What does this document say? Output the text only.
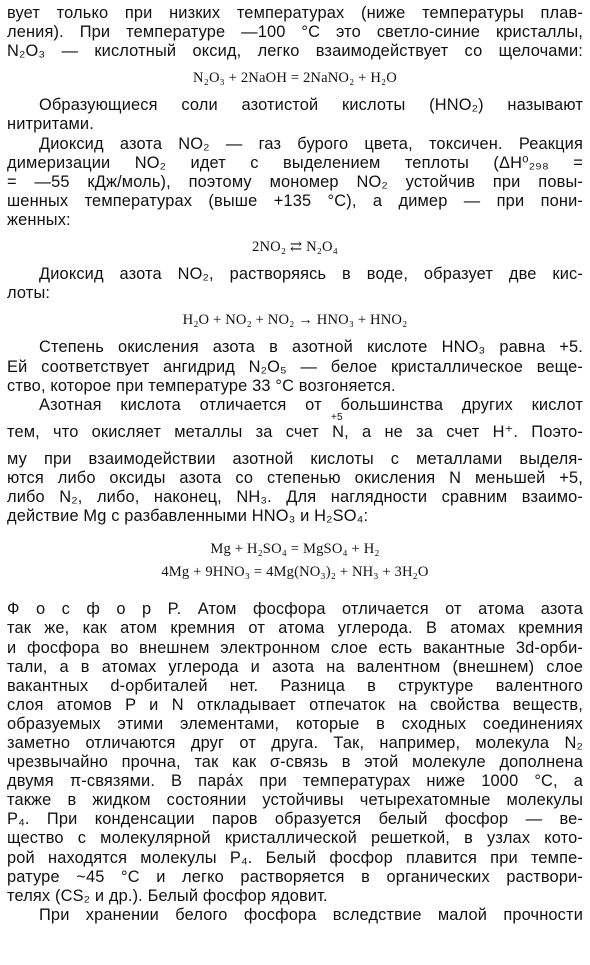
вует только при низких температурах (ниже температуры плав-
ления). При температуре —100 °С это светло-синие кристаллы,
N₂O₃ — кислотный оксид, легко взаимодействует со щелочами:
N₂O₃ + 2NaOH = 2NaNO₂ + H₂O
Образующиеся соли азотистой кислоты (HNO₂) называют
нитритами.
Диоксид азота NO₂ — газ бурого цвета, токсичен. Реакция
димеризации NO₂ идет с выделением теплоты (ΔH⁰₂₉₈ =
= —55 кДж/моль), поэтому мономер NO₂ устойчив при повы-
шенных температурах (выше +135 °С), а димер — при пони-
женных:
2NO₂ ⇄ N₂O₄
Диоксид азота NO₂, растворяясь в воде, образует две кис-
лоты:
H₂O + NO₂ + NO₂ → HNO₃ + HNO₂
Степень окисления азота в азотной кислоте HNO₃ равна +5.
Ей соответствует ангидрид N₂O₅ — белое кристаллическое веще-
ство, которое при температуре 33 °С возгоняется.
Азотная кислота отличается от большинства других кислот
тем, что окисляет металлы за счет N, а не за счет H⁺. Поэто-
+5
му при взаимодействии азотной кислоты с металлами выделя-
ются либо оксиды азота со степенью окисления N меньшей +5,
либо N₂, либо, наконец, NH₃. Для наглядности сравним взаимо-
действие Mg с разбавленными HNO₃ и H₂SO₄:
Mg + H₂SO₄ = MgSO₄ + H₂
4Mg + 9HNO₃ = 4Mg(NO₃)₂ + NH₃ + 3H₂O
Ф о с ф о р P. Атом фосфора отличается от атома азота
так же, как атом кремния от атома углерода. В атомах кремния
и фосфора во внешнем электронном слое есть вакантные 3d-орби-
тали, а в атомах углерода и азота на валентном (внешнем) слое
вакантных d-орбиталей нет. Разница в структуре валентного
слоя атомов P и N откладывает отпечаток на свойства веществ,
образуемых этими элементами, которые в сходных соединениях
заметно отличаются друг от друга. Так, например, молекула N₂
чрезвычайно прочна, так как σ-связь в этой молекуле дополнена
двумя π-связями. В пара́х при температурах ниже 1000 °С, а
также в жидком состоянии устойчивы четырехатомные молекулы
P₄. При конденсации паров образуется белый фосфор — ве-
щество с молекулярной кристаллической решеткой, в узлах кото-
рой находятся молекулы P₄. Белый фосфор плавится при темпе-
ратуре ~45 °С и легко растворяется в органических раствори-
телях (CS₂ и др.). Белый фосфор ядовит.
При хранении белого фосфора вследствие малой прочности
